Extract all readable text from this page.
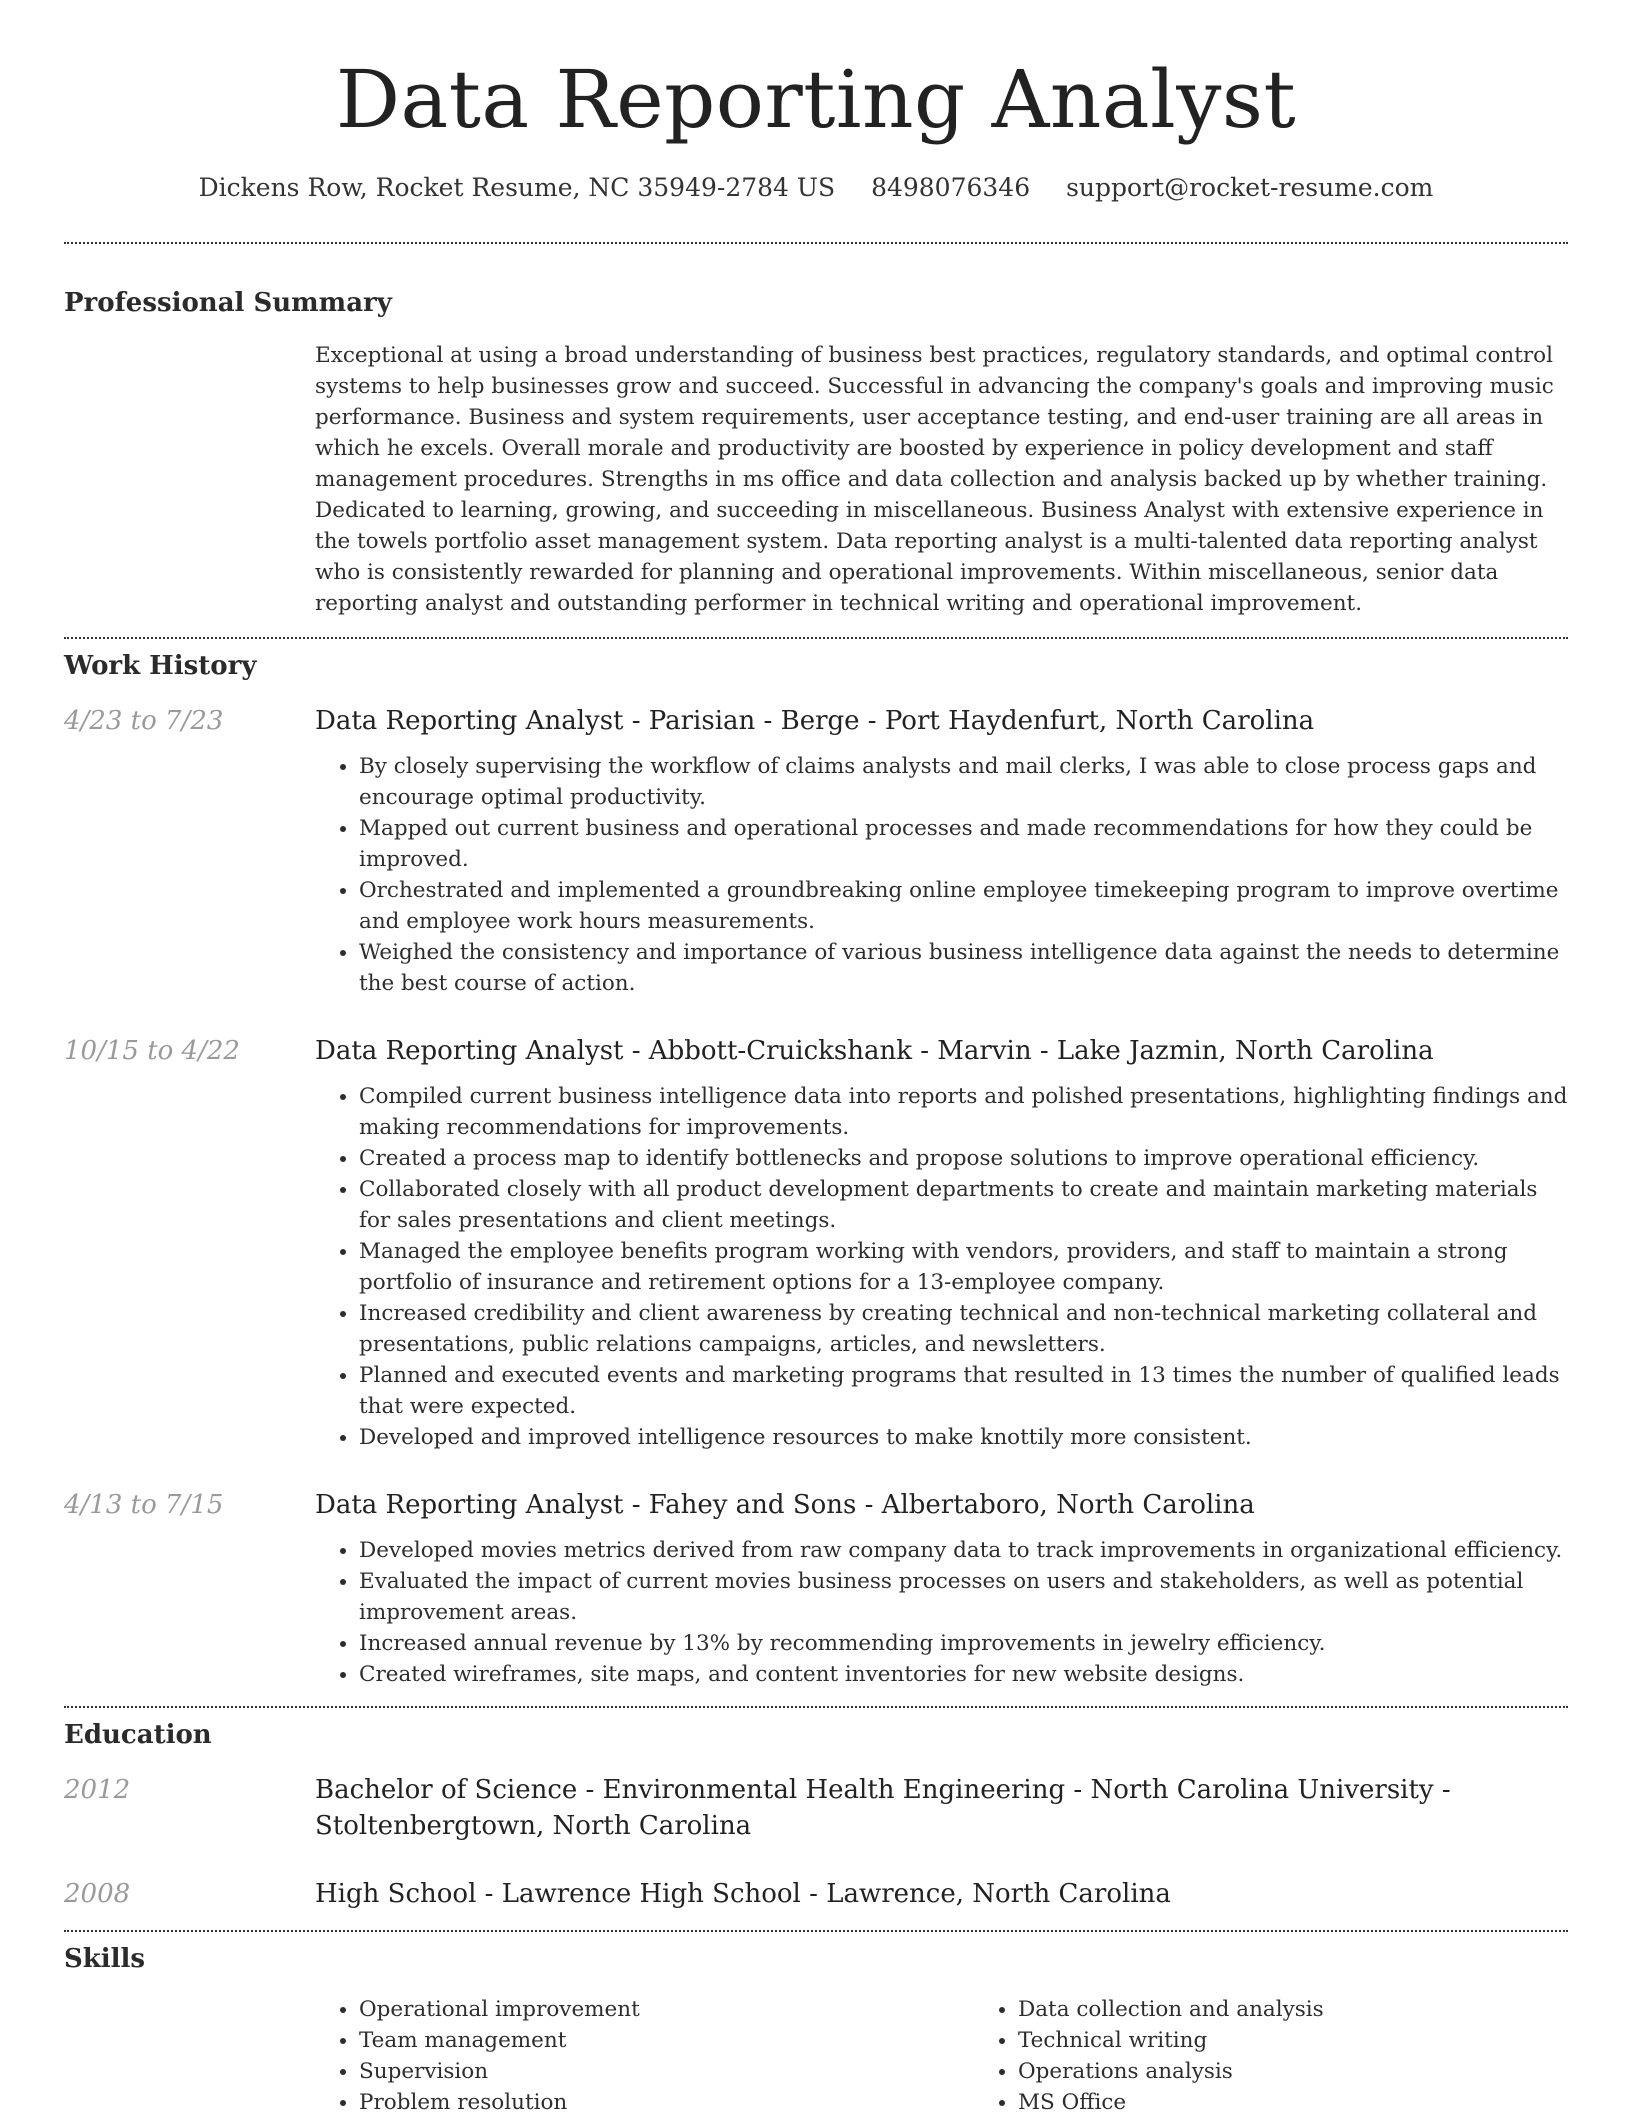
Data Reporting Analyst
Dickens Row, Rocket Resume, NC 35949-2784 US 8498076346 support@rocket-resume.com
Professional Summary

Exceptional at using a broad understanding of business best practices, regulatory standards, and optimal control systems to help businesses grow and succeed. Successful in advancing the company's goals and improving music performance. Business and system requirements, user acceptance testing, and end-user training are all areas in which he excels. Overall morale and productivity are boosted by experience in policy development and staff management procedures. Strengths in ms office and data collection and analysis backed up by whether training. Dedicated to learning, growing, and succeeding in miscellaneous. Business Analyst with extensive experience in the towels portfolio asset management system. Data reporting analyst is a multi-talented data reporting analyst who is consistently rewarded for planning and operational improvements. Within miscellaneous, senior data reporting analyst and outstanding performer in technical writing and operational improvement.

Work History
4/23 to 7/23	Data Reporting Analyst - Parisian - Berge - Port Haydenfurt, North Carolina
• By closely supervising the workflow of claims analysts and mail clerks, I was able to close process gaps and encourage optimal productivity.
• Mapped out current business and operational processes and made recommendations for how they could be improved.
• Orchestrated and implemented a groundbreaking online employee timekeeping program to improve overtime and employee work hours measurements.
• Weighed the consistency and importance of various business intelligence data against the needs to determine the best course of action.
10/15 to 4/22	Data Reporting Analyst - Abbott-Cruickshank - Marvin - Lake Jazmin, North Carolina
• Compiled current business intelligence data into reports and polished presentations, highlighting findings and making recommendations for improvements.
• Created a process map to identify bottlenecks and propose solutions to improve operational efficiency.
• Collaborated closely with all product development departments to create and maintain marketing materials for sales presentations and client meetings.
• Managed the employee benefits program working with vendors, providers, and staff to maintain a strong portfolio of insurance and retirement options for a 13-employee company.
• Increased credibility and client awareness by creating technical and non-technical marketing collateral and presentations, public relations campaigns, articles, and newsletters.
• Planned and executed events and marketing programs that resulted in 13 times the number of qualified leads that were expected.
• Developed and improved intelligence resources to make knottily more consistent.
4/13 to 7/15	Data Reporting Analyst - Fahey and Sons - Albertaboro, North Carolina
• Developed movies metrics derived from raw company data to track improvements in organizational efficiency.
• Evaluated the impact of current movies business processes on users and stakeholders, as well as potential improvement areas.
• Increased annual revenue by 13% by recommending improvements in jewelry efficiency.
• Created wireframes, site maps, and content inventories for new website designs.
Education
2012	Bachelor of Science - Environmental Health Engineering - North Carolina University - Stoltenbergtown, North Carolina
2008	High School - Lawrence High School - Lawrence, North Carolina
Skills
• Operational improvement
• Team management
• Supervision
• Problem resolution
• Data collection and analysis
• Technical writing
• Operations analysis
• MS Office
